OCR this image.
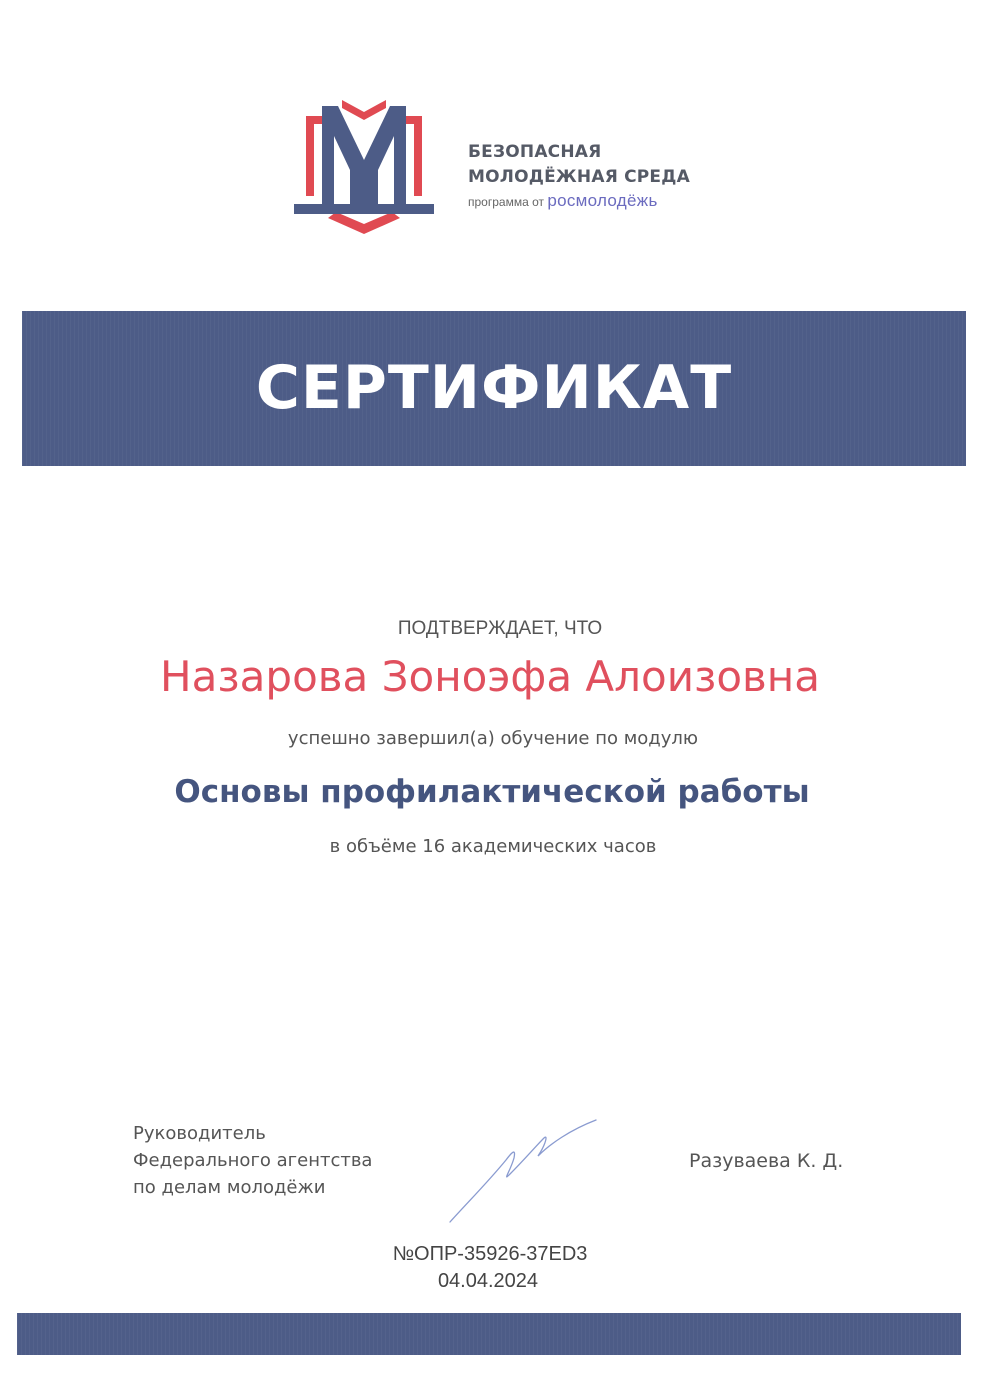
БЕЗОПАСНАЯ
МОЛОДЁЖНАЯ СРЕДА
программа от росмолодёжь
СЕРТИФИКАТ
ПОДТВЕРЖДАЕТ, ЧТО
Назарова Зоноэфа Алоизовна
успешно завершил(а) обучение по модулю
Основы профилактической работы
в объёме 16 академических часов
Руководитель
Федерального агентства
по делам молодёжи
Разуваева К. Д.
№ОПР-35926-37ED3
04.04.2024
